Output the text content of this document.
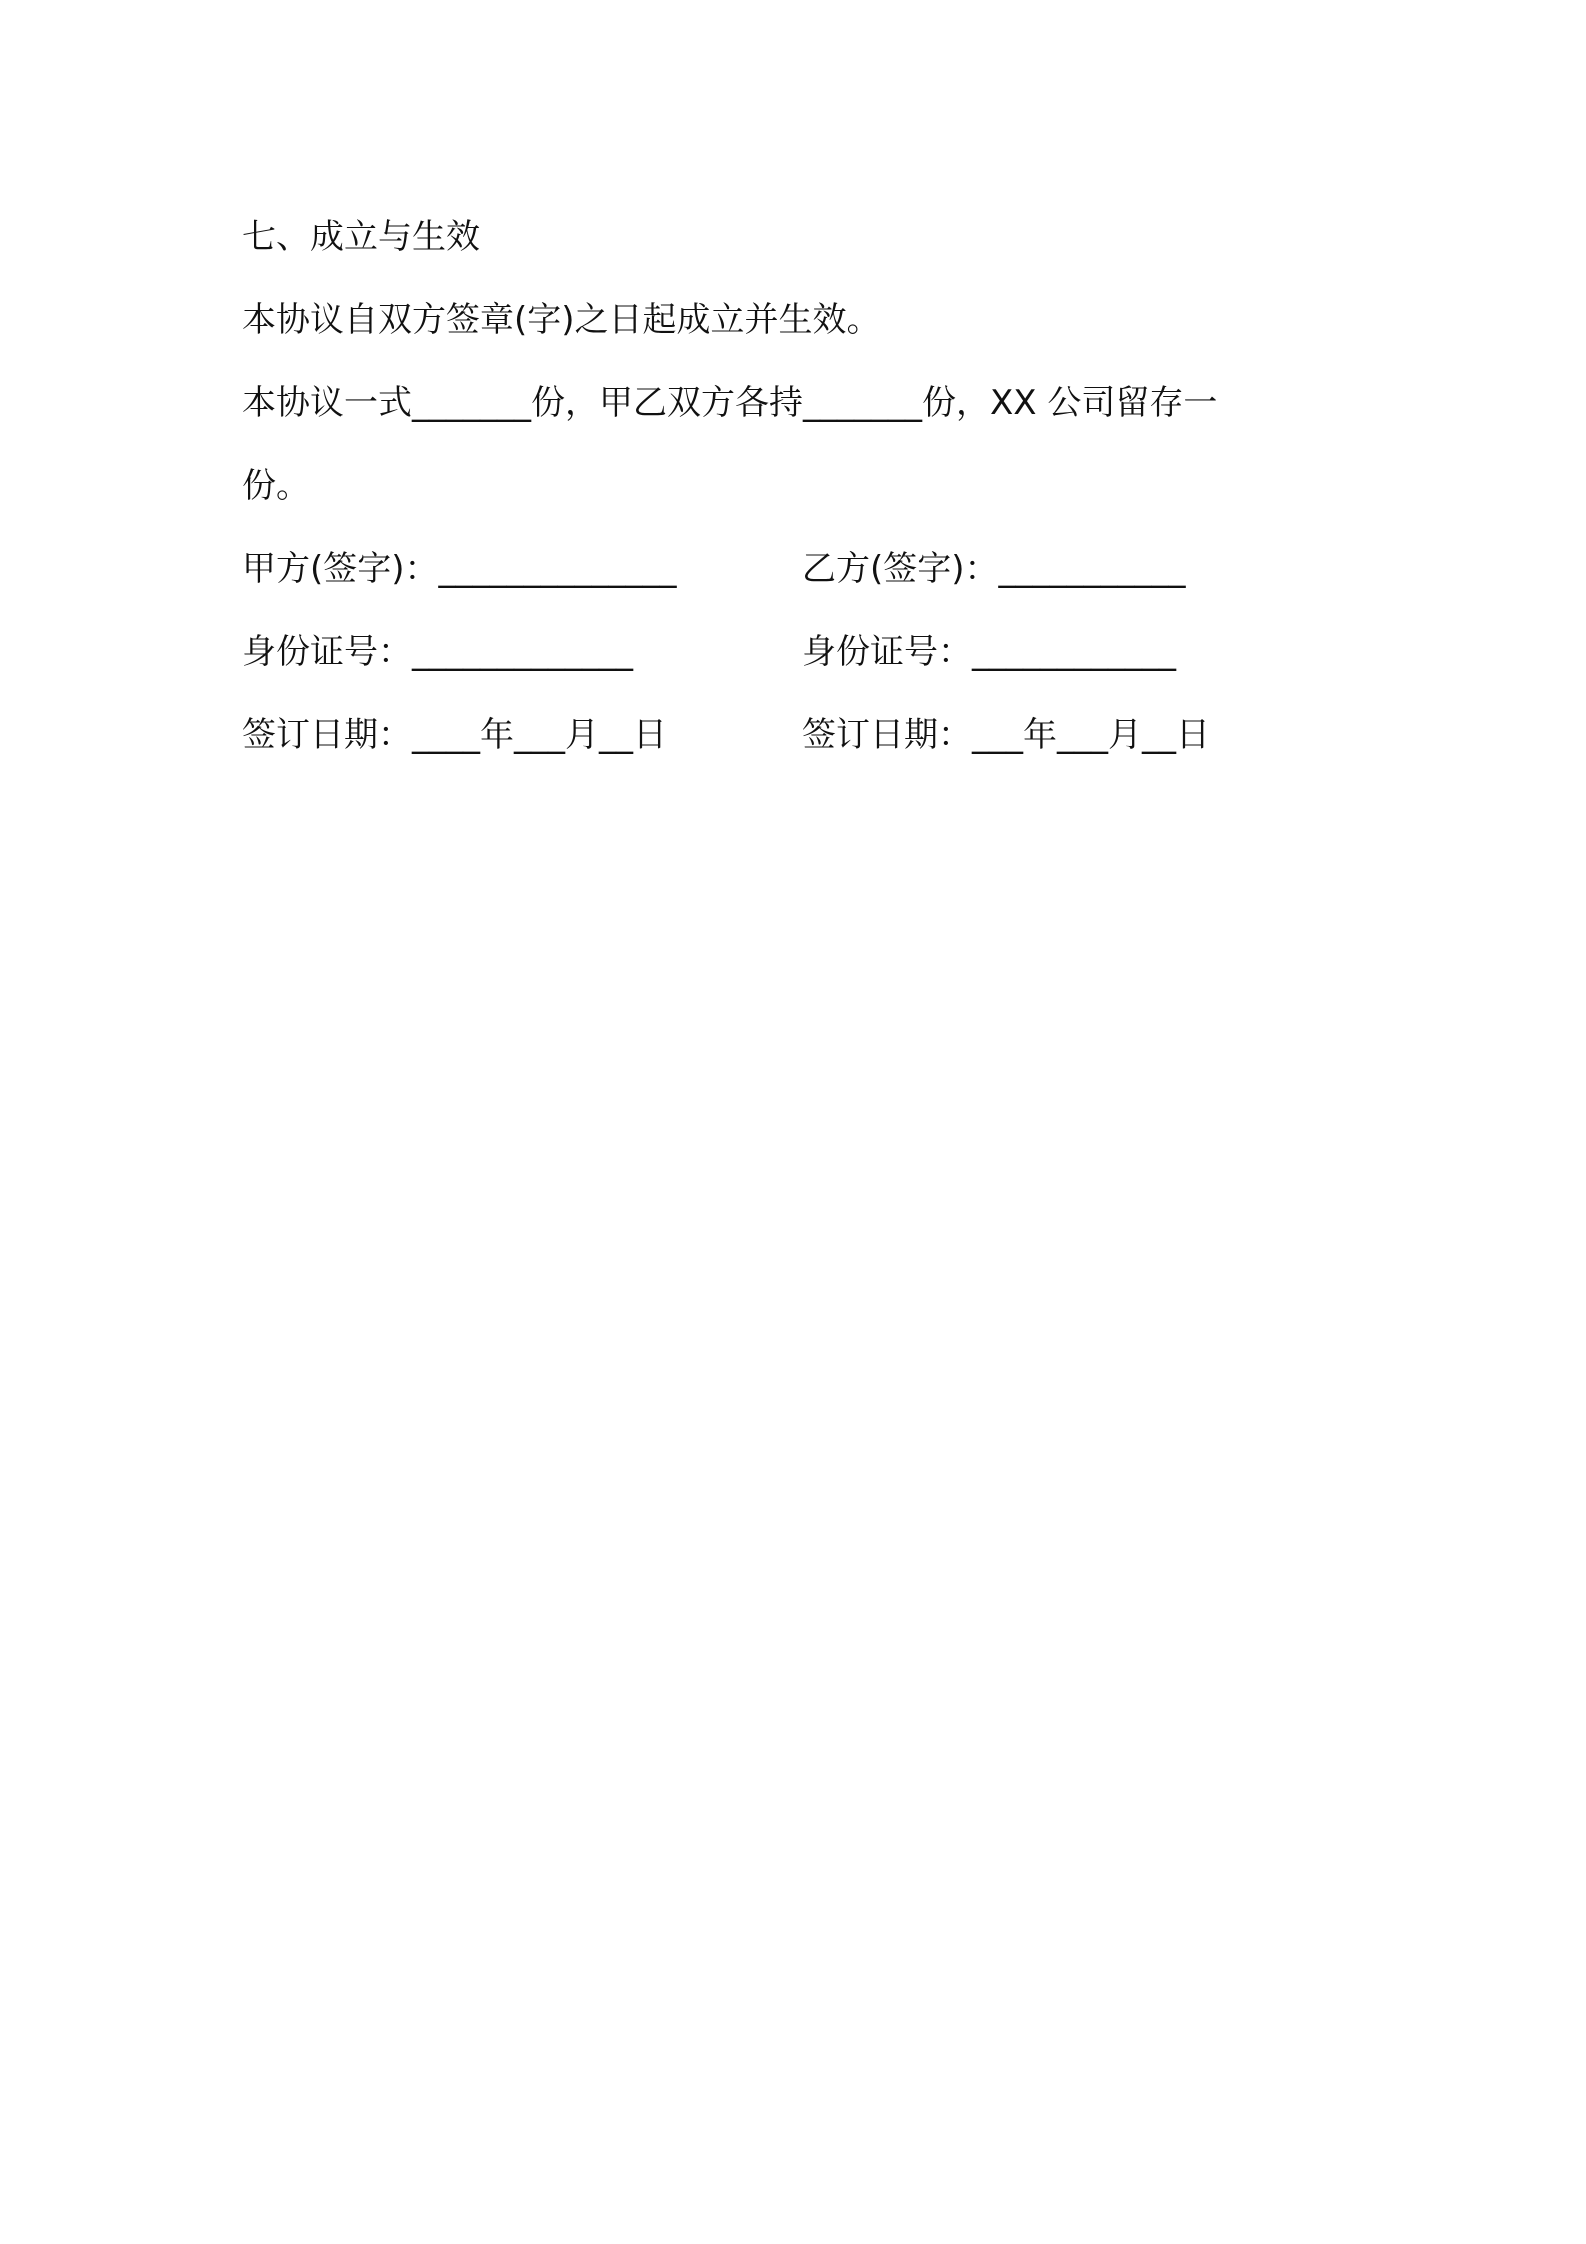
七、成立与生效

本协议自双方签章(字)之日起成立并生效。

本协议一式_______份，甲乙双方各持_______份，XX 公司留存一

份。

甲方(签字)：______________	乙方(签字)：___________
身份证号：_____________	身份证号：____________
签订日期：____年___月__日	签订日期：___年___月__日
